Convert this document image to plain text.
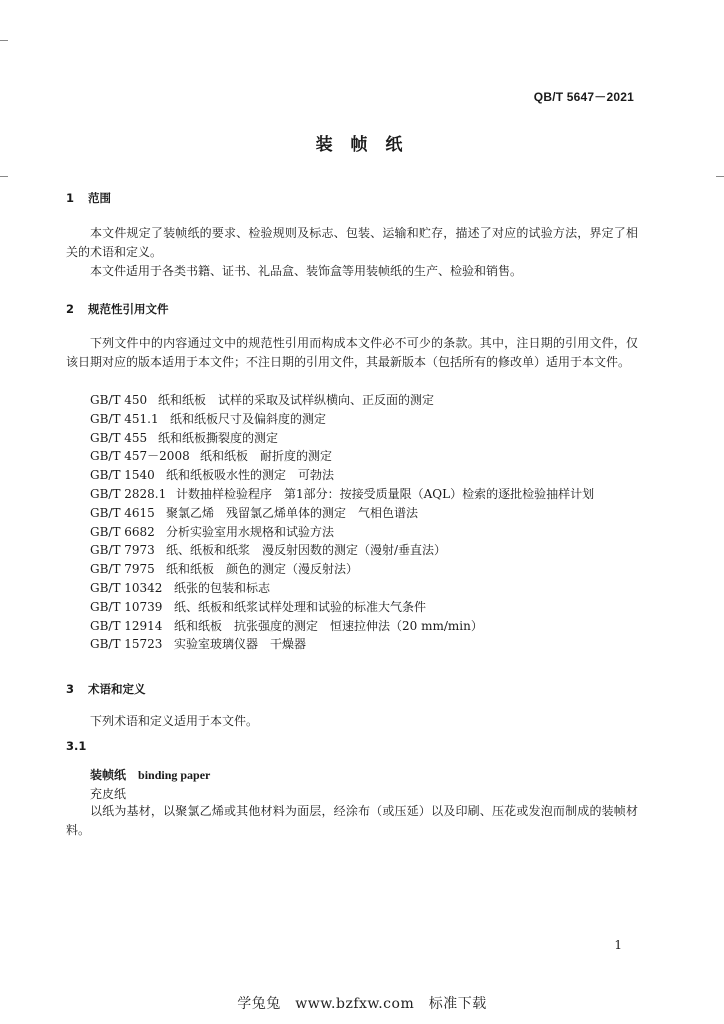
QB/T 5647－2021
装 帧 纸
1 范围

本文件规定了装帧纸的要求、检验规则及标志、包装、运输和贮存，描述了对应的试验方法，界定了相关的术语和定义。

本文件适用于各类书籍、证书、礼品盒、装饰盒等用装帧纸的生产、检验和销售。

2 规范性引用文件

下列文件中的内容通过文中的规范性引用而构成本文件必不可少的条款。其中，注日期的引用文件，仅该日期对应的版本适用于本文件；不注日期的引用文件，其最新版本（包括所有的修改单）适用于本文件。

GB/T 450 纸和纸板　试样的采取及试样纵横向、正反面的测定
GB/T 451.1 纸和纸板尺寸及偏斜度的测定
GB/T 455 纸和纸板撕裂度的测定
GB/T 457－2008 纸和纸板　耐折度的测定
GB/T 1540 纸和纸板吸水性的测定　可勃法
GB/T 2828.1 计数抽样检验程序　第1部分：按接受质量限（AQL）检索的逐批检验抽样计划
GB/T 4615 聚氯乙烯　残留氯乙烯单体的测定　气相色谱法
GB/T 6682 分析实验室用水规格和试验方法
GB/T 7973 纸、纸板和纸浆　漫反射因数的测定（漫射/垂直法）
GB/T 7975 纸和纸板　颜色的测定（漫反射法）
GB/T 10342 纸张的包装和标志
GB/T 10739 纸、纸板和纸浆试样处理和试验的标准大气条件
GB/T 12914 纸和纸板　抗张强度的测定　恒速拉伸法（20 mm/min）
GB/T 15723 实验室玻璃仪器　干燥器
3 术语和定义

下列术语和定义适用于本文件。

3.1
装帧纸 binding paper
充皮纸

以纸为基材，以聚氯乙烯或其他材料为面层，经涂布（或压延）以及印刷、压花或发泡而制成的装帧材料。

1
学兔兔　www.bzfxw.com　标准下载
